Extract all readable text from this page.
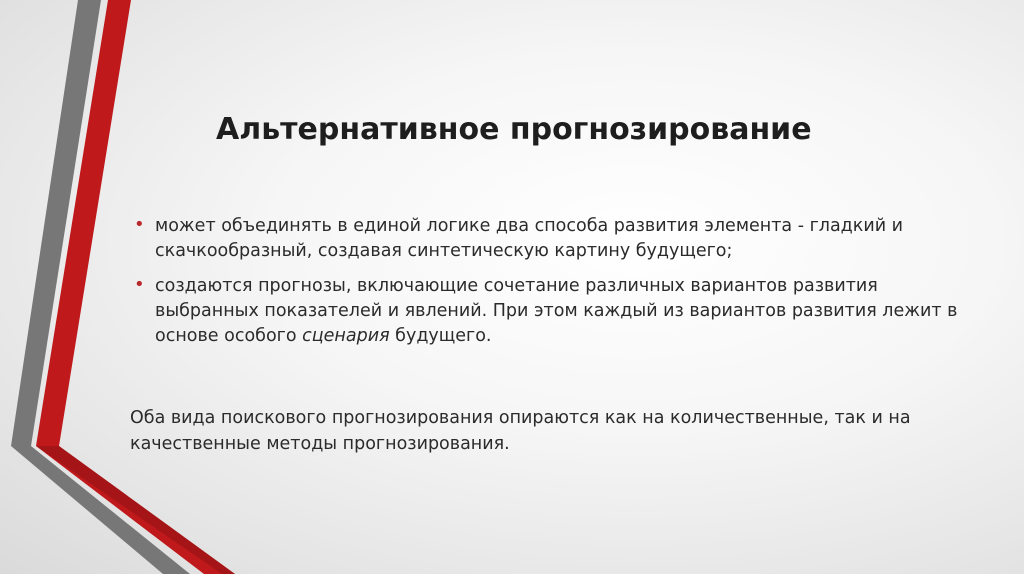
Альтернативное прогнозирование
• может объединять в единой логике два способа развития элемента - гладкий и скачкообразный, создавая синтетическую картину будущего;
• создаются прогнозы, включающие сочетание различных вариантов развития выбранных показателей и явлений. При этом каждый из вариантов развития лежит в основе особого сценария будущего.

Оба вида поискового прогнозирования опираются как на количественные, так и на качественные методы прогнозирования.
